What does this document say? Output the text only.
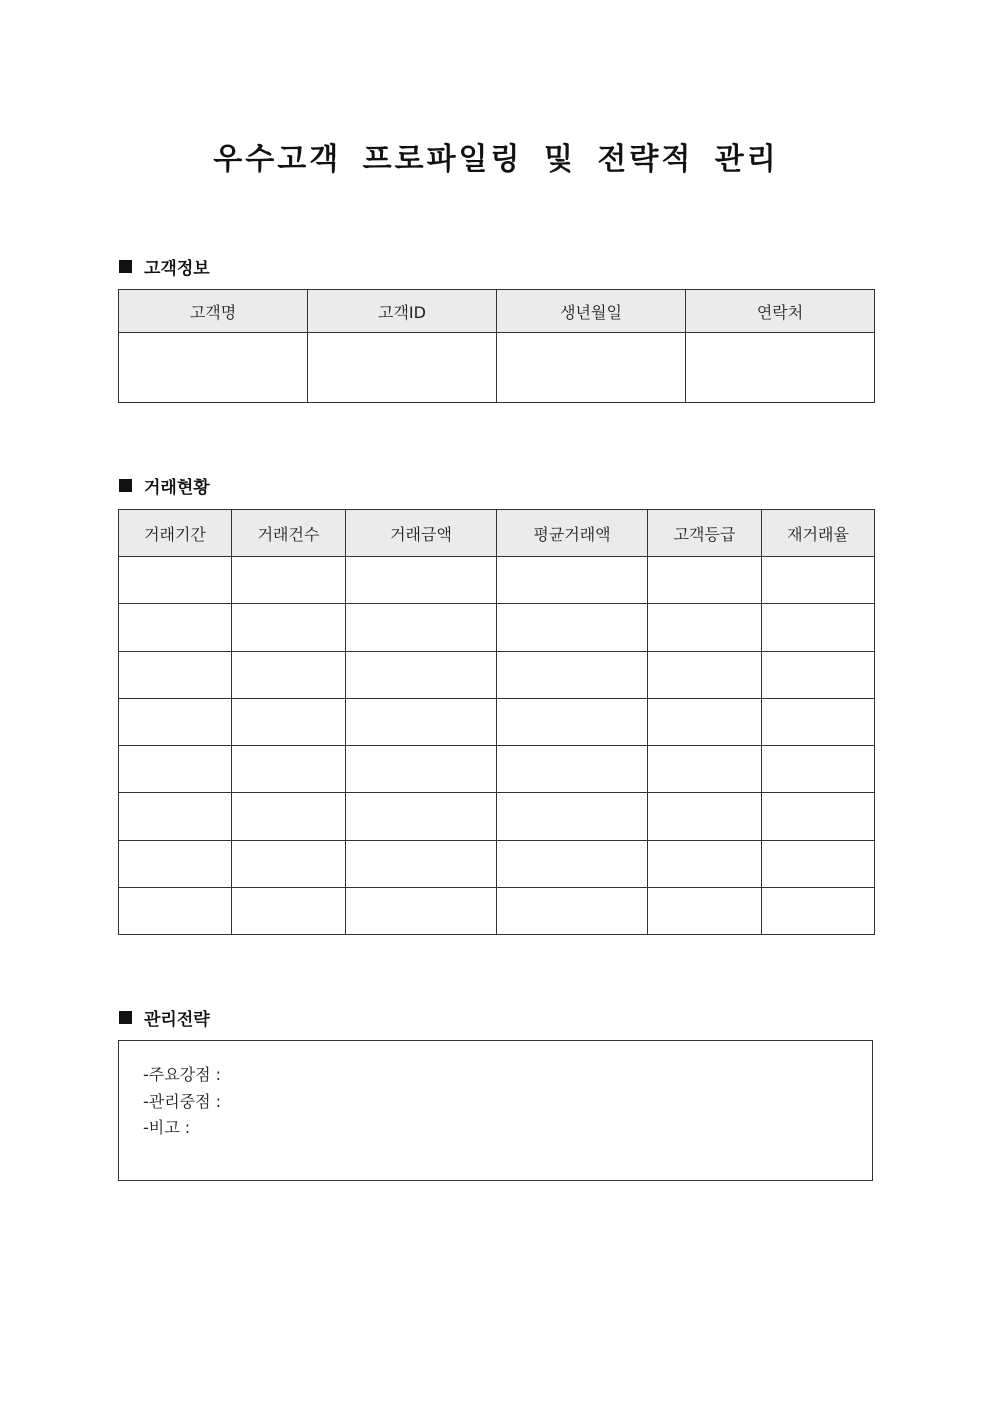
우수고객 프로파일링 및 전략적 관리
고객정보
고객명	고객ID	생년월일	연락처

거래현황
거래기간	거래건수	거래금액	평균거래액	고객등급	재거래율

관리전략
-주요강점 :
-관리중점 :
-비고 :
